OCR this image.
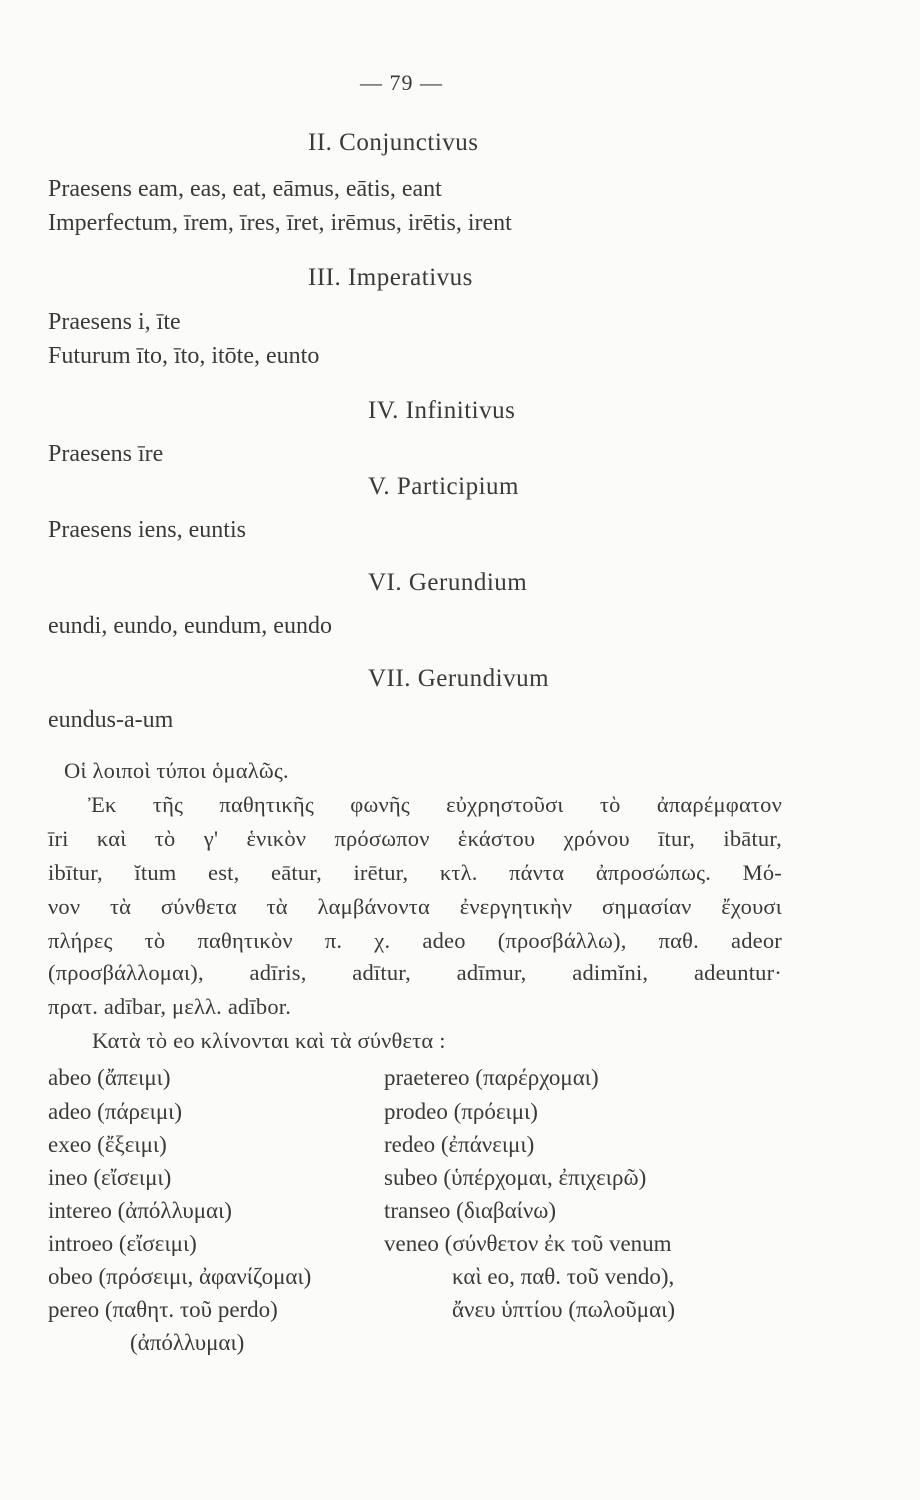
— 79 —
II. Conjunctivus
Praesens eam, eas, eat, eāmus, eātis, eant
Imperfectum, īrem, īres, īret, irēmus, irētis, irent
III. Imperativus
Praesens i, īte
Futurum īto, īto, itōte, eunto
IV. Infinitivus
Praesens īre
V. Participium
Praesens iens, euntis
VI. Gerundium
eundi, eundo, eundum, eundo
VII. Gerundivum
eundus-a-um
Οἱ λοιποὶ τύποι ὁμαλῶς.
Ἐκ τῆς παθητικῆς φωνῆς εὐχρηστοῦσι τὸ ἀπαρέμφατον
īri καὶ τὸ γ' ἑνικὸν πρόσωπον ἑκάστου χρόνου ītur, ibātur,
ibītur, ĭtum est, eātur, irētur, κτλ. πάντα ἀπροσώπως. Μό-
νον τὰ σύνθετα τὰ λαμβάνοντα ἐνεργητικὴν σημασίαν ἔχουσι
πλήρες τὸ παθητικὸν π. χ. adeo (προσβάλλω), παθ. adeor
(προσβάλλομαι), adīris, adītur, adīmur, adimĭni, adeuntur·
πρατ. adībar, μελλ. adībor.
Κατὰ τὸ eo κλίνονται καὶ τὰ σύνθετα :
abeo (ἄπειμι)
adeo (πάρειμι)
exeo (ἔξειμι)
ineo (εἴσειμι)
intereo (ἀπόλλυμαι)
introeo (εἴσειμι)
obeo (πρόσειμι, ἀφανίζομαι)
pereo (παθητ. τοῦ perdo)
(ἀπόλλυμαι)
praetereo (παρέρχομαι)
prodeo (πρόειμι)
redeo (ἐπάνειμι)
subeo (ὑπέρχομαι, ἐπιχειρῶ)
transeo (διαβαίνω)
veneo (σύνθετον ἐκ τοῦ venum
καὶ eo, παθ. τοῦ vendo),
ἄνευ ὑπτίου (πωλοῦμαι)
